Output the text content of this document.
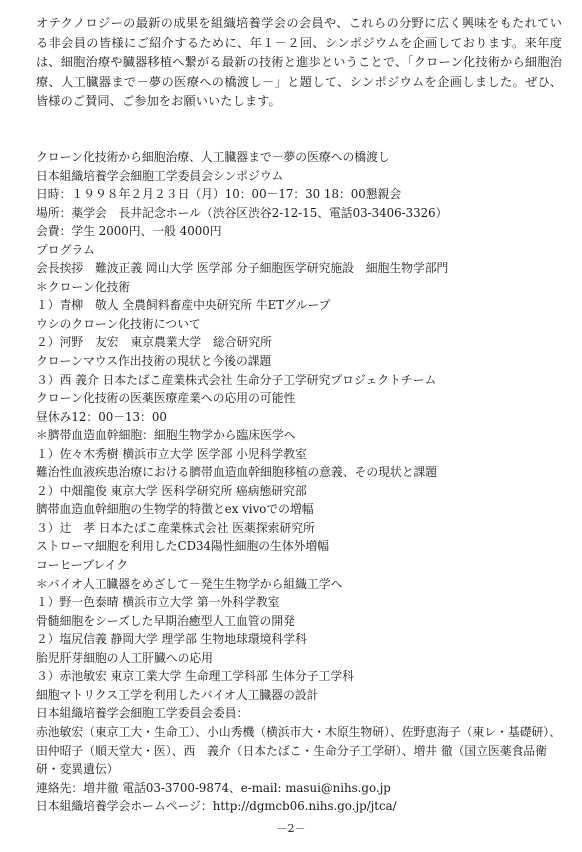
オテクノロジーの最新の成果を組織培養学会の会員や、これらの分野に広く興味をもたれている非会員の皆様にご紹介するために、年１－２回、シンポジウムを企画しております。来年度は、細胞治療や臓器移植へ繋がる最新の技術と進歩ということで、「クローン化技術から細胞治療、人工臓器まで－夢の医療への橋渡し－」と題して、シンポジウムを企画しました。ぜひ、皆様のご賛同、ご参加をお願いいたします。

クローン化技術から細胞治療、人工臓器まで－夢の医療への橋渡し
日本組織培養学会細胞工学委員会シンポジウム
日時：１９９８年２月２３日（月）10：00－17：30 18：00懇親会
場所：薬学会　長井記念ホール（渋谷区渋谷2-12-15、電話03-3406-3326）
会費：学生 2000円、一般 4000円
プログラム
会長挨拶　難波正義 岡山大学 医学部 分子細胞医学研究施設　細胞生物学部門
＊クローン化技術
１）青柳　敬人 全農飼料畜産中央研究所 牛ETグループ
ウシのクローン化技術について
２）河野　友宏　東京農業大学　総合研究所
クローンマウス作出技術の現状と今後の課題
３）西 義介 日本たばこ産業株式会社 生命分子工学研究プロジェクトチーム
クローン化技術の医薬医療産業への応用の可能性
昼休み12：00－13：00
＊臍帯血造血幹細胞：細胞生物学から臨床医学へ
１）佐々木秀樹 横浜市立大学 医学部 小児科学教室
難治性血液疾患治療における臍帯血造血幹細胞移植の意義、その現状と課題
２）中畑龍俊 東京大学 医科学研究所 癌病態研究部
臍帯血造血幹細胞の生物学的特徴とex vivoでの増幅
３）辻　孝 日本たばこ産業株式会社 医薬探索研究所
ストローマ細胞を利用したCD34陽性細胞の生体外増幅
コーヒーブレイク
＊バイオ人工臓器をめざして－発生生物学から組織工学へ
１）野一色泰晴 横浜市立大学 第一外科学教室
骨髄細胞をシーズした早期治癒型人工血管の開発
２）塩尻信義 静岡大学 理学部 生物地球環境科学科
胎児肝芽細胞の人工肝臓への応用
３）赤池敏宏 東京工業大学 生命理工学科部 生体分子工学科
細胞マトリクス工学を利用したバイオ人工臓器の設計
日本組織培養学会細胞工学委員会委員：
赤池敏宏（東京工大・生命工）、小山秀機（横浜市大・木原生物研）、佐野恵海子（東レ・基礎研）、田仲昭子（順天堂大・医）、西　義介（日本たばこ・生命分子工学研）、増井 徹（国立医薬食品衛研・変異遺伝）
連絡先：増井徹 電話03-3700-9874、e-mail: masui@nihs.go.jp
日本組織培養学会ホームページ：http://dgmcb06.nihs.go.jp/jtca/
－2－
